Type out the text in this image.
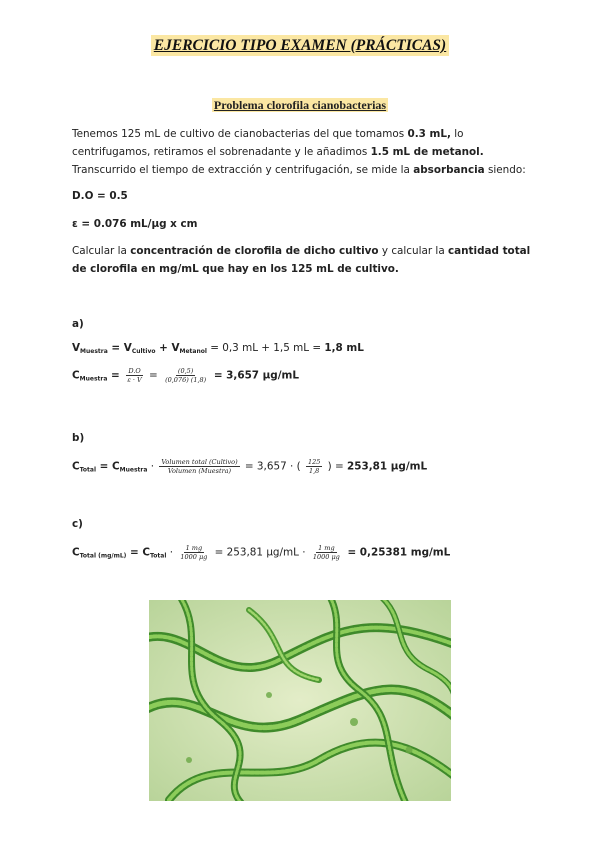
EJERCICIO TIPO EXAMEN (PRÁCTICAS)
Problema clorofila cianobacterias
Tenemos 125 mL de cultivo de cianobacterias del que tomamos 0.3 mL, lo centrifugamos, retiramos el sobrenadante y le añadimos 1.5 mL de metanol. Transcurrido el tiempo de extracción y centrifugación, se mide la absorbancia siendo:
D.O = 0.5
ε = 0.076 mL/μg x cm
Calcular la concentración de clorofila de dicho cultivo y calcular la cantidad total de clorofila en mg/mL que hay en los 125 mL de cultivo.
a)
$V_{Muestra} = V_{Cultivo} + V_{Metanol} = 0,3$ mL + 1,5 mL = 1,8 mL
$C_{Muestra} = \frac{D.O}{\varepsilon \cdot V} = \frac{(0,5)}{(0,076) (1,8)} = 3,657$ μg/mL
b)
$C_{Total} = C_{Muestra} \cdot \frac{\text{Volumen total (Cultivo)}}{\text{Volumen (Muestra)}} = 3,657$ · ( $\frac{125}{1,8}$ ) = 253,81 μg/mL
c)
$C_{Total (mg/mL)} = C_{Total} \cdot \frac{1 mg}{1000 \mu g} = 253,81$ $\mu g/mL \cdot \frac{1 mg}{1000 \mu g} = 0,25381$ mg/mL
